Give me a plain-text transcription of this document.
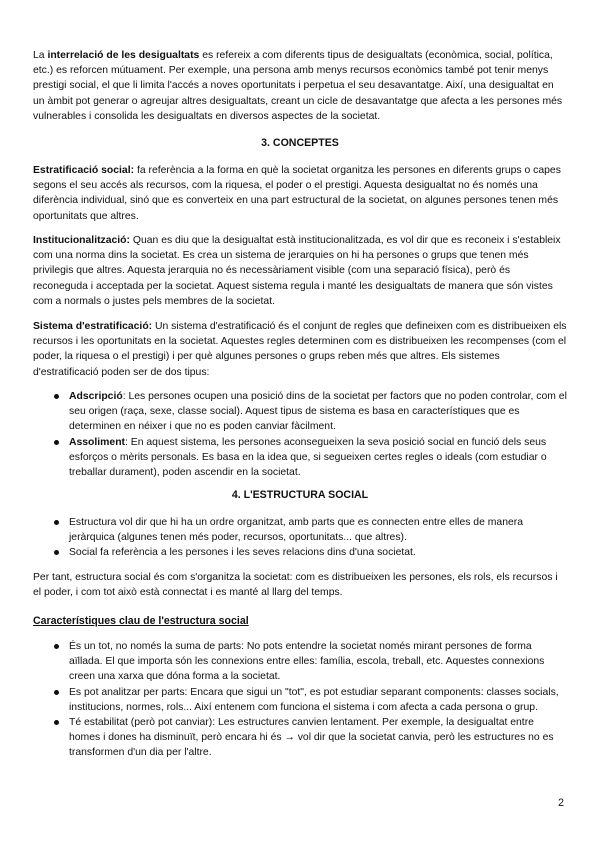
La interrelació de les desigualtats es refereix a com diferents tipus de desigualtats (econòmica, social, política, etc.) es reforcen mútuament. Per exemple, una persona amb menys recursos econòmics també pot tenir menys prestigi social, el que li limita l'accés a noves oportunitats i perpetua el seu desavantatge. Així, una desigualtat en un àmbit pot generar o agreujar altres desigualtats, creant un cicle de desavantatge que afecta a les persones més vulnerables i consolida les desigualtats en diversos aspectes de la societat.

3. CONCEPTES

Estratificació social: fa referència a la forma en què la societat organitza les persones en diferents grups o capes segons el seu accés als recursos, com la riquesa, el poder o el prestigi. Aquesta desigualtat no és només una diferència individual, sinó que es converteix en una part estructural de la societat, on algunes persones tenen més oportunitats que altres.

Institucionalització: Quan es diu que la desigualtat està institucionalitzada, es vol dir que es reconeix i s'estableix com una norma dins la societat. Es crea un sistema de jerarquies on hi ha persones o grups que tenen més privilegis que altres. Aquesta jerarquia no és necessàriament visible (com una separació física), però és reconeguda i acceptada per la societat. Aquest sistema regula i manté les desigualtats de manera que són vistes com a normals o justes pels membres de la societat.

Sistema d'estratificació: Un sistema d'estratificació és el conjunt de regles que defineixen com es distribueixen els recursos i les oportunitats en la societat. Aquestes regles determinen com es distribueixen les recompenses (com el poder, la riquesa o el prestigi) i per què algunes persones o grups reben més que altres. Els sistemes d'estratificació poden ser de dos tipus:

Adscripció: Les persones ocupen una posició dins de la societat per factors que no poden controlar, com el seu origen (raça, sexe, classe social). Aquest tipus de sistema es basa en característiques que es determinen en néixer i que no es poden canviar fàcilment.
Assoliment: En aquest sistema, les persones aconsegueixen la seva posició social en funció dels seus esforços o mèrits personals. Es basa en la idea que, si segueixen certes regles o ideals (com estudiar o treballar durament), poden ascendir en la societat.

4. L'ESTRUCTURA SOCIAL

Estructura vol dir que hi ha un ordre organitzat, amb parts que es connecten entre elles de manera jeràrquica (algunes tenen més poder, recursos, oportunitats... que altres).
Social fa referència a les persones i les seves relacions dins d'una societat.

Per tant, estructura social és com s'organitza la societat: com es distribueixen les persones, els rols, els recursos i el poder, i com tot això està connectat i es manté al llarg del temps.

Característiques clau de l'estructura social

És un tot, no només la suma de parts: No pots entendre la societat només mirant persones de forma aïllada. El que importa són les connexions entre elles: família, escola, treball, etc. Aquestes connexions creen una xarxa que dóna forma a la societat.
Es pot analitzar per parts: Encara que sigui un "tot", es pot estudiar separant components: classes socials, institucions, normes, rols... Així entenem com funciona el sistema i com afecta a cada persona o grup.
Té estabilitat (però pot canviar): Les estructures canvien lentament. Per exemple, la desigualtat entre homes i dones ha disminuït, però encara hi és → vol dir que la societat canvia, però les estructures no es transformen d'un dia per l'altre.
2
